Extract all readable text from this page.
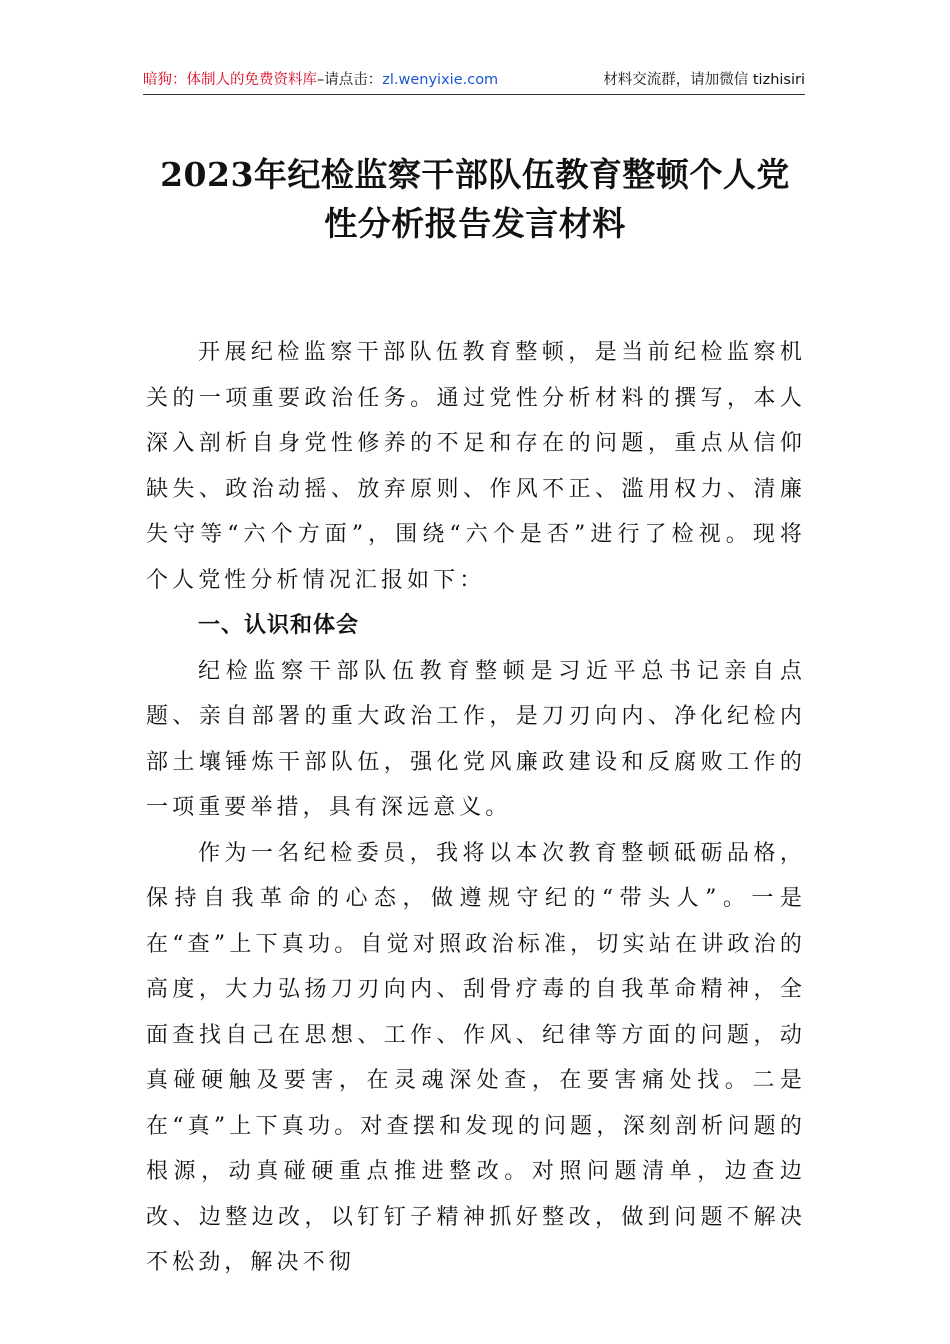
暗狗：体制人的免费资料库–请点击：zl.wenyixie.com	材料交流群，请加微信 tizhisiri
2023年纪检监察干部队伍教育整顿个人党
性分析报告发言材料

开展纪检监察干部队伍教育整顿，是当前纪检监察机关的一项重要政治任务。通过党性分析材料的撰写，本人深入剖析自身党性修养的不足和存在的问题，重点从信仰缺失、政治动摇、放弃原则、作风不正、滥用权力、清廉失守等“六个方面”，围绕“六个是否”进行了检视。现将个人党性分析情况汇报如下：

一、认识和体会

纪检监察干部队伍教育整顿是习近平总书记亲自点题、亲自部署的重大政治工作，是刀刃向内、净化纪检内部土壤锤炼干部队伍，强化党风廉政建设和反腐败工作的一项重要举措，具有深远意义。

作为一名纪检委员，我将以本次教育整顿砥砺品格，保持自我革命的心态，做遵规守纪的“带头人”。一是在“查”上下真功。自觉对照政治标准，切实站在讲政治的高度，大力弘扬刀刃向内、刮骨疗毒的自我革命精神，全面查找自己在思想、工作、作风、纪律等方面的问题，动真碰硬触及要害，在灵魂深处查，在要害痛处找。二是在“真”上下真功。对查摆和发现的问题，深刻剖析问题的根源，动真碰硬重点推进整改。对照问题清单，边查边改、边整边改，以钉钉子精神抓好整改，做到问题不解决不松劲，解决不彻
